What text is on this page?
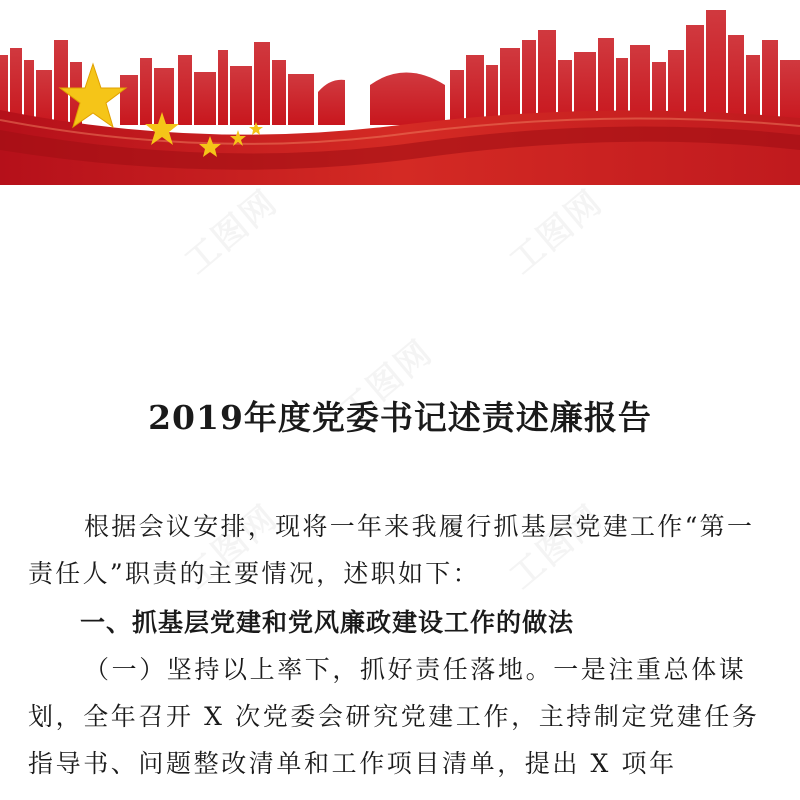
2019年度党委书记述责述廉报告

根据会议安排，现将一年来我履行抓基层党建工作“第一责任人”职责的主要情况，述职如下：

一、抓基层党建和党风廉政建设工作的做法

（一）坚持以上率下，抓好责任落地。一是注重总体谋划，全年召开 X 次党委会研究党建工作，主持制定党建任务指导书、问题整改清单和工作项目清单，提出 X 项年
